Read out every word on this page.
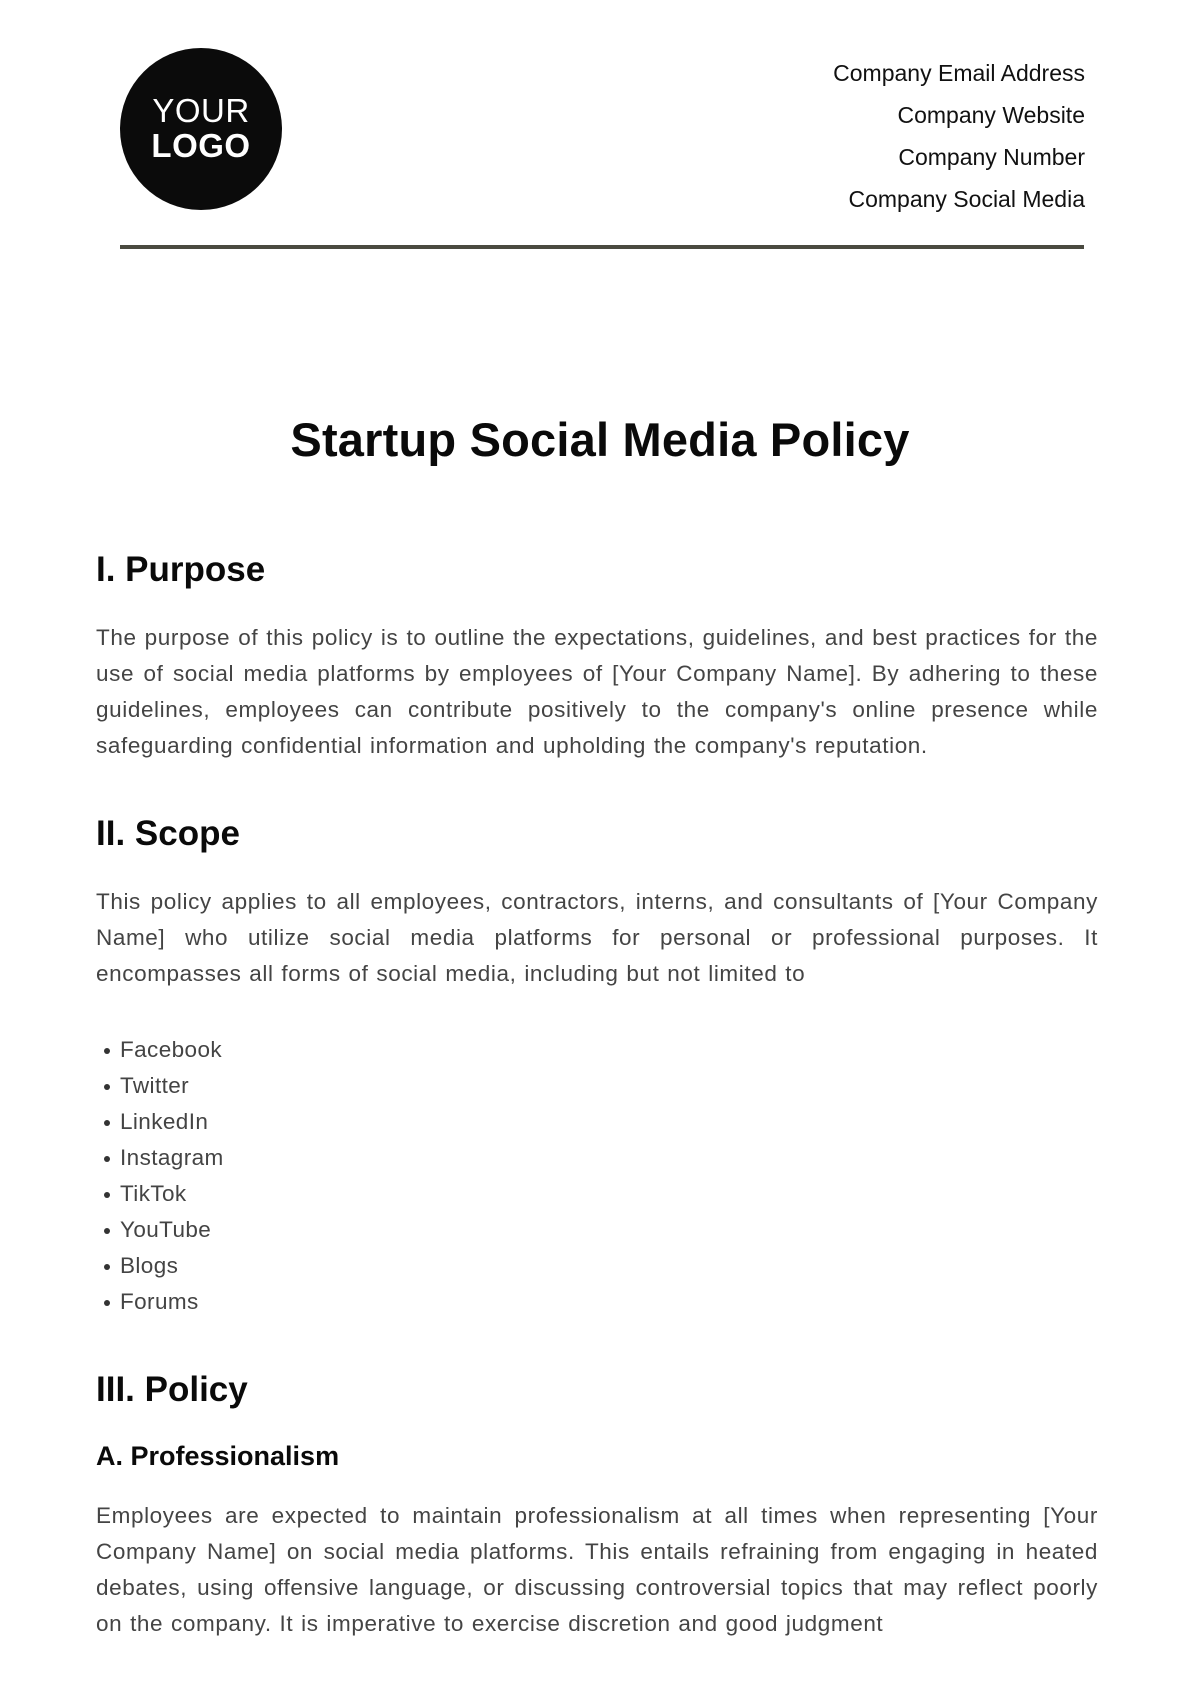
YOUR
LOGO
Company Email Address
Company Website
Company Number
Company Social Media
Startup Social Media Policy
I. Purpose

The purpose of this policy is to outline the expectations, guidelines, and best practices for the use of social media platforms by employees of [Your Company Name]. By adhering to these guidelines, employees can contribute positively to the company's online presence while safeguarding confidential information and upholding the company's reputation.

II. Scope

This policy applies to all employees, contractors, interns, and consultants of [Your Company Name] who utilize social media platforms for personal or professional purposes. It encompasses all forms of social media, including but not limited to

Facebook
Twitter
LinkedIn
Instagram
TikTok
YouTube
Blogs
Forums
III. Policy
A. Professionalism

Employees are expected to maintain professionalism at all times when representing [Your Company Name] on social media platforms. This entails refraining from engaging in heated debates, using offensive language, or discussing controversial topics that may reflect poorly on the company. It is imperative to exercise discretion and good judgment
